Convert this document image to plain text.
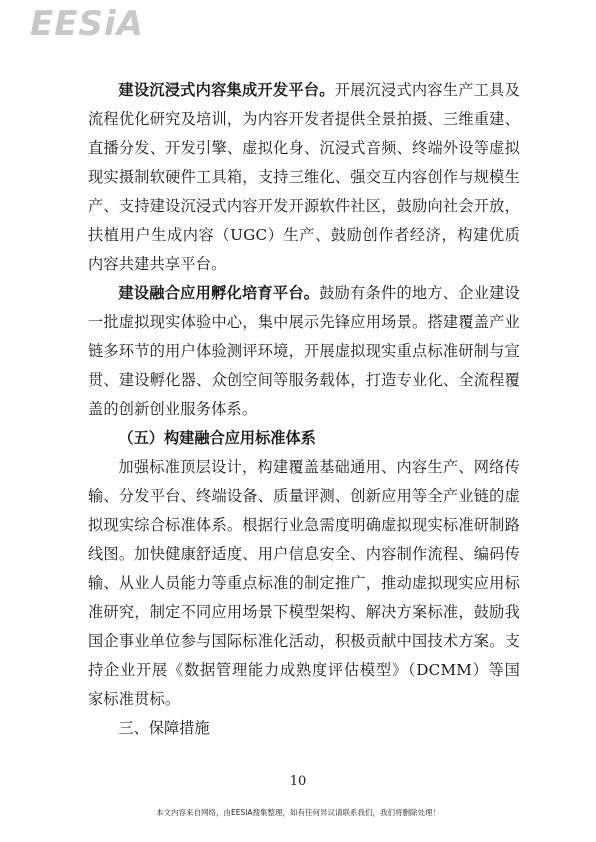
EESiA

建设沉浸式内容集成开发平台。开展沉浸式内容生产工具及流程优化研究及培训，为内容开发者提供全景拍摄、三维重建、直播分发、开发引擎、虚拟化身、沉浸式音频、终端外设等虚拟现实摄制软硬件工具箱，支持三维化、强交互内容创作与规模生产、支持建设沉浸式内容开发开源软件社区，鼓励向社会开放，扶植用户生成内容（UGC）生产、鼓励创作者经济，构建优质内容共建共享平台。

建设融合应用孵化培育平台。鼓励有条件的地方、企业建设一批虚拟现实体验中心，集中展示先锋应用场景。搭建覆盖产业链多环节的用户体验测评环境，开展虚拟现实重点标准研制与宣贯、建设孵化器、众创空间等服务载体，打造专业化、全流程覆盖的创新创业服务体系。

（五）构建融合应用标准体系

加强标准顶层设计，构建覆盖基础通用、内容生产、网络传输、分发平台、终端设备、质量评测、创新应用等全产业链的虚拟现实综合标准体系。根据行业急需度明确虚拟现实标准研制路线图。加快健康舒适度、用户信息安全、内容制作流程、编码传输、从业人员能力等重点标准的制定推广，推动虚拟现实应用标准研究，制定不同应用场景下模型架构、解决方案标准，鼓励我国企事业单位参与国际标准化活动，积极贡献中国技术方案。支持企业开展《数据管理能力成熟度评估模型》（DCMM）等国家标准贯标。

三、保障措施

10
本文内容来自网络，由EESIA搜集整理，如有任何异议请联系我们，我们将删除处理！
